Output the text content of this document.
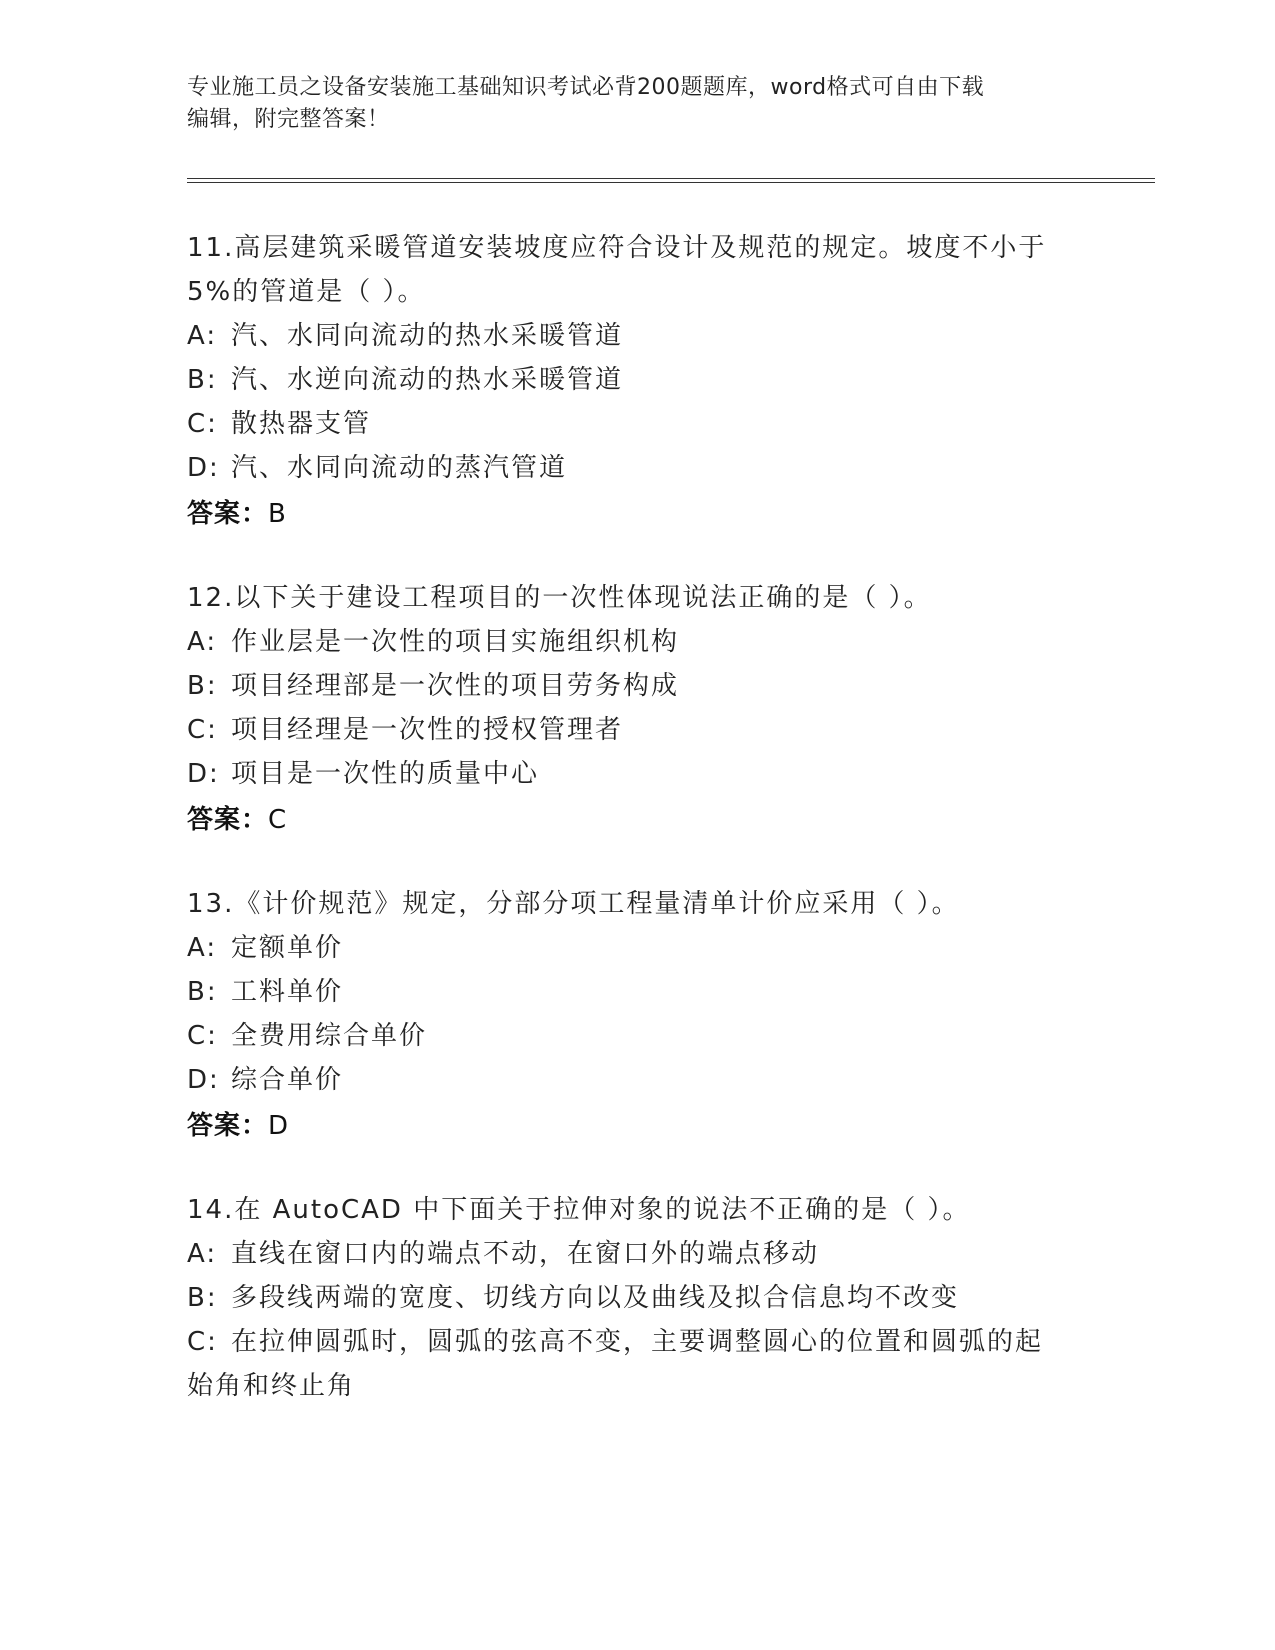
专业施工员之设备安装施工基础知识考试必背200题题库，word格式可自由下载
编辑，附完整答案！
11.高层建筑采暖管道安装坡度应符合设计及规范的规定。坡度不小于
5%的管道是（ ）。
A: 汽、水同向流动的热水采暖管道
B: 汽、水逆向流动的热水采暖管道
C: 散热器支管
D: 汽、水同向流动的蒸汽管道
答案：B
12.以下关于建设工程项目的一次性体现说法正确的是（ ）。
A: 作业层是一次性的项目实施组织机构
B: 项目经理部是一次性的项目劳务构成
C: 项目经理是一次性的授权管理者
D: 项目是一次性的质量中心
答案：C
13.《计价规范》规定，分部分项工程量清单计价应采用（ ）。
A: 定额单价
B: 工料单价
C: 全费用综合单价
D: 综合单价
答案：D
14.在 AutoCAD 中下面关于拉伸对象的说法不正确的是（ ）。
A: 直线在窗口内的端点不动，在窗口外的端点移动
B: 多段线两端的宽度、切线方向以及曲线及拟合信息均不改变
C: 在拉伸圆弧时，圆弧的弦高不变，主要调整圆心的位置和圆弧的起
始角和终止角
